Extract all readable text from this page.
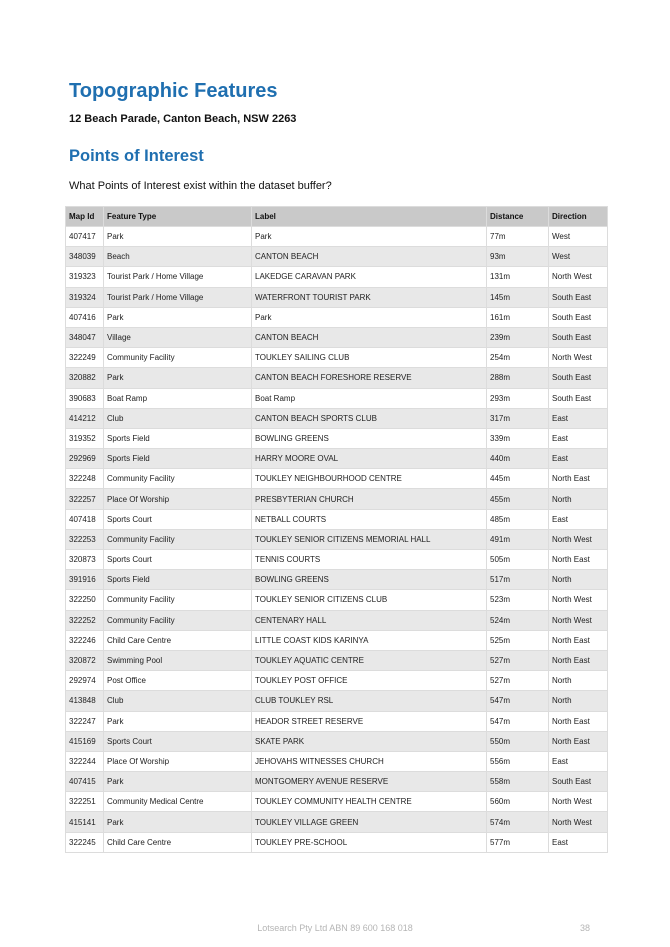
Topographic Features

12 Beach Parade, Canton Beach, NSW 2263

Points of Interest

What Points of Interest exist within the dataset buffer?

Map Id	Feature Type	Label	Distance	Direction
407417	Park	Park	77m	West
348039	Beach	CANTON BEACH	93m	West
319323	Tourist Park / Home Village	LAKEDGE CARAVAN PARK	131m	North West
319324	Tourist Park / Home Village	WATERFRONT TOURIST PARK	145m	South East
407416	Park	Park	161m	South East
348047	Village	CANTON BEACH	239m	South East
322249	Community Facility	TOUKLEY SAILING CLUB	254m	North West
320882	Park	CANTON BEACH FORESHORE RESERVE	288m	South East
390683	Boat Ramp	Boat Ramp	293m	South East
414212	Club	CANTON BEACH SPORTS CLUB	317m	East
319352	Sports Field	BOWLING GREENS	339m	East
292969	Sports Field	HARRY MOORE OVAL	440m	East
322248	Community Facility	TOUKLEY NEIGHBOURHOOD CENTRE	445m	North East
322257	Place Of Worship	PRESBYTERIAN CHURCH	455m	North
407418	Sports Court	NETBALL COURTS	485m	East
322253	Community Facility	TOUKLEY SENIOR CITIZENS MEMORIAL HALL	491m	North West
320873	Sports Court	TENNIS COURTS	505m	North East
391916	Sports Field	BOWLING GREENS	517m	North
322250	Community Facility	TOUKLEY SENIOR CITIZENS CLUB	523m	North West
322252	Community Facility	CENTENARY HALL	524m	North West
322246	Child Care Centre	LITTLE COAST KIDS KARINYA	525m	North East
320872	Swimming Pool	TOUKLEY AQUATIC CENTRE	527m	North East
292974	Post Office	TOUKLEY POST OFFICE	527m	North
413848	Club	CLUB TOUKLEY RSL	547m	North
322247	Park	HEADOR STREET RESERVE	547m	North East
415169	Sports Court	SKATE PARK	550m	North East
322244	Place Of Worship	JEHOVAHS WITNESSES CHURCH	556m	East
407415	Park	MONTGOMERY AVENUE RESERVE	558m	South East
322251	Community Medical Centre	TOUKLEY COMMUNITY HEALTH CENTRE	560m	North West
415141	Park	TOUKLEY VILLAGE GREEN	574m	North West
322245	Child Care Centre	TOUKLEY PRE-SCHOOL	577m	East
Lotsearch Pty Ltd ABN 89 600 168 018	38
